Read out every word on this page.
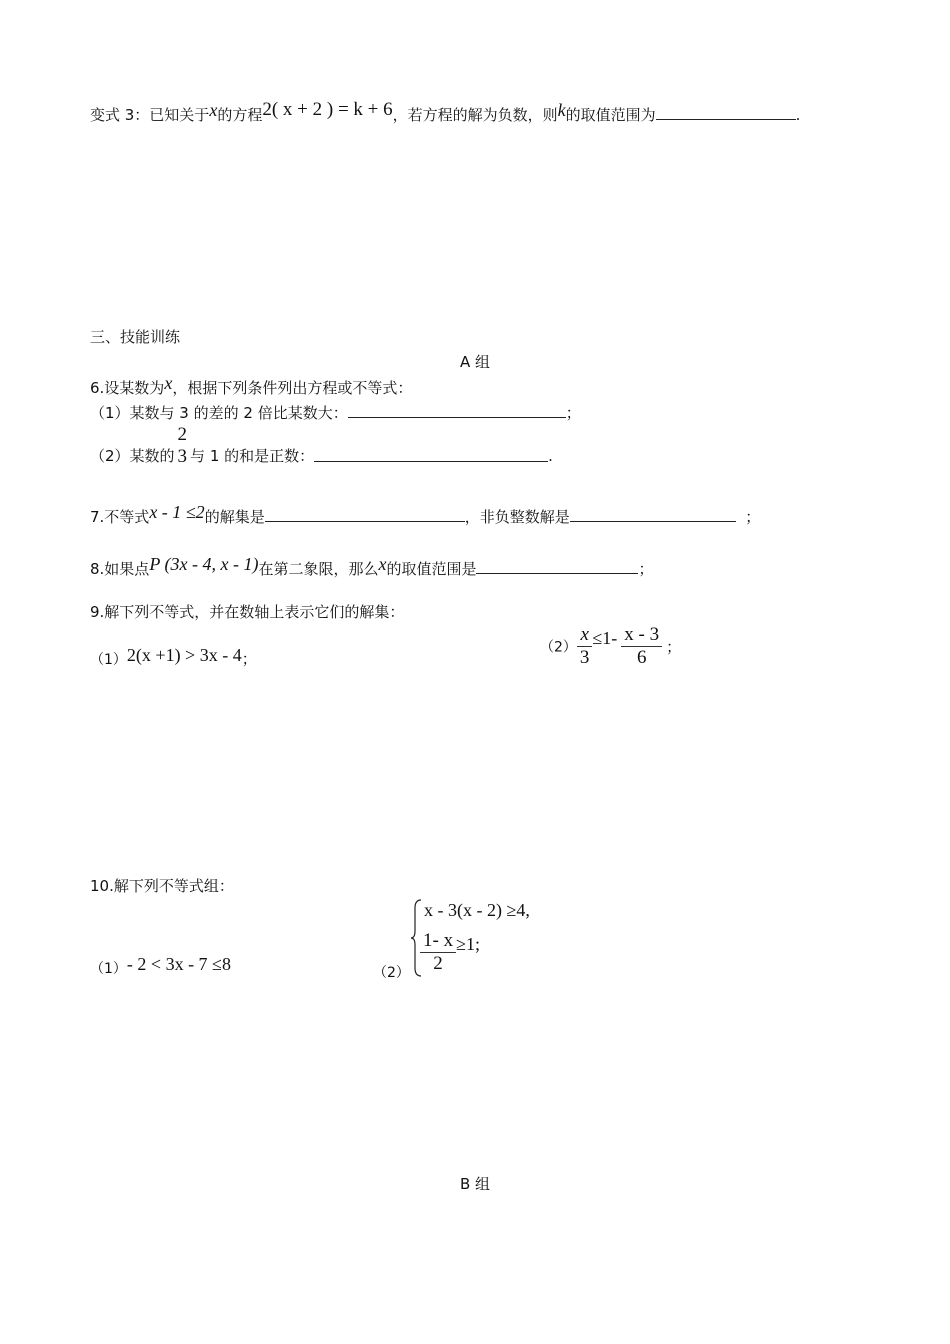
变式 3：已知关于x的方程2( x + 2 ) = k + 6，若方程的解为负数，则k的取值范围为	.
三、技能训练
A 组
6.设某数为x，根据下列条件列出方程或不等式：
（1）某数与 3 的差的 2 倍比某数大：	；
（2）某数的
2
3 与 1 的和是正数：	.
7.不等式x - 1 ≤2的解集是	，非负整数解是	；
8.如果点P (3x - 4, x - 1)在第二象限，那么x的取值范围是	；
9.解下列不等式，并在数轴上表示它们的解集：
（1）2(x +1) > 3x - 4；
$(2) \frac{x}{3} \le 1- \frac{x - 3}{6}$ ；
10.解下列不等式组：
（1）- 2 < 3x - 7 ≤8	（2）
x - 3(x - 2) ≥4,
$\frac{1- x}{2} \ge 1$;
B 组
